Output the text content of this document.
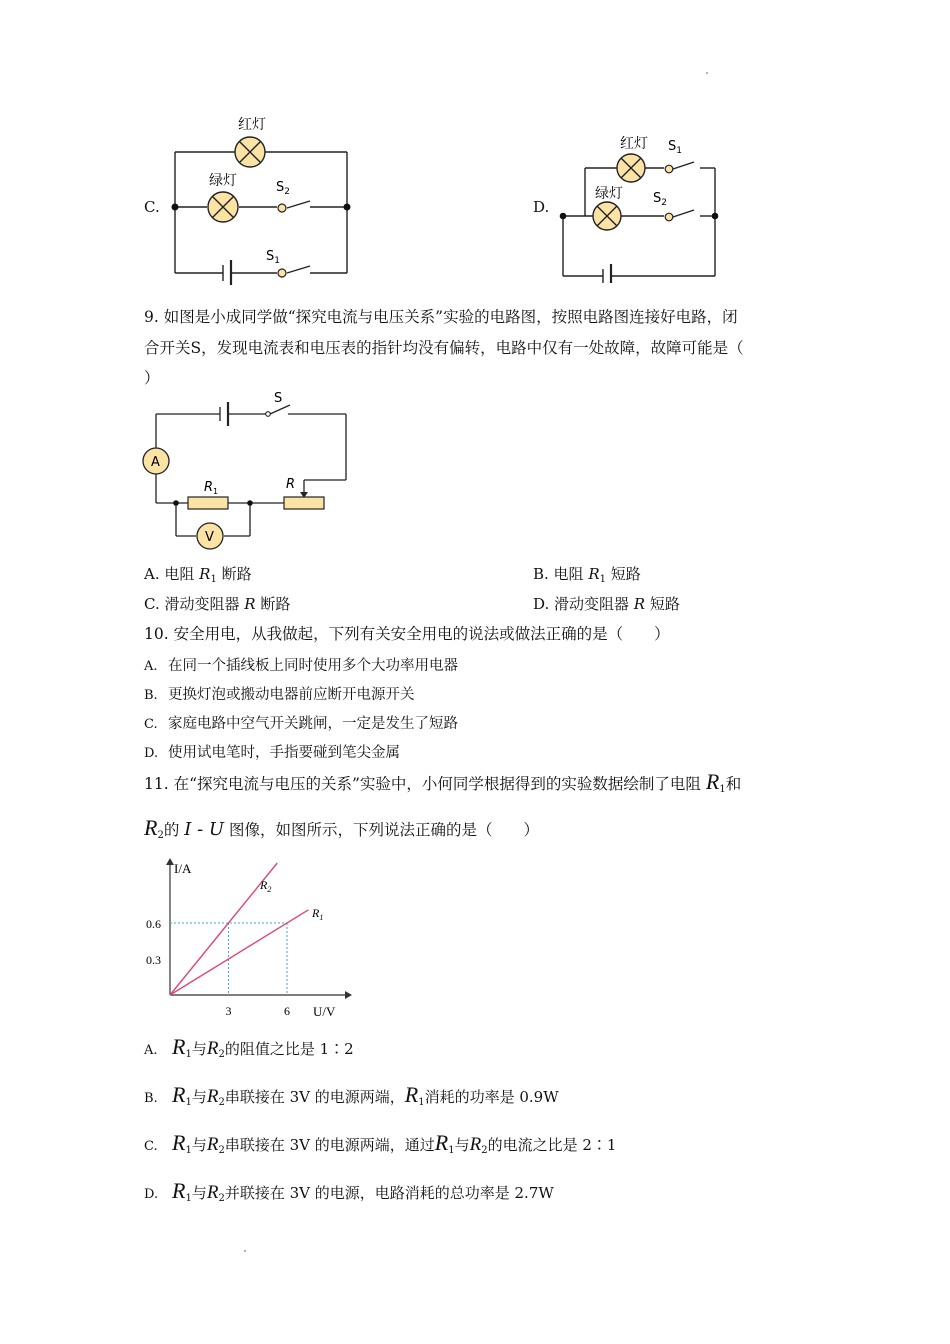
C.
红灯
绿灯	$S_2$
$S_1$
D.
红灯
绿灯
$S_1$
$S_2$
9. 如图是小成同学做“探究电流与电压关系”实验的电路图，按照电路图连接好电路，闭
合开关S，发现电流表和电压表的指针均没有偏转，电路中仅有一处故障，故障可能是（
）
A
V
S
$R_1$	R
A. 电阻 $R_1$ 断路	B. 电阻 $R_1$ 短路
C. 滑动变阻器 R 断路	D. 滑动变阻器 R 短路
10. 安全用电，从我做起，下列有关安全用电的说法或做法正确的是（　　）
A. 在同一个插线板上同时使用多个大功率用电器
B. 更换灯泡或搬动电器前应断开电源开关
C. 家庭电路中空气开关跳闸，一定是发生了短路
D. 使用试电笔时，手指要碰到笔尖金属
11. 在“探究电流与电压的关系”实验中，小何同学根据得到的实验数据绘制了电阻 $R_1$和
$R_2$的 I - U 图像，如图所示，下列说法正确的是（　　）
0.3
0.6
3	6
I/A
U/V
$R_2$
$R_1$
A. $R_1$与$R_2$的阻值之比是 1∶2
B. $R_1$与$R_2$串联接在 3V 的电源两端，$R_1$消耗的功率是 0.9W
C. $R_1$与$R_2$串联接在 3V 的电源两端，通过$R_1$与$R_2$的电流之比是 2∶1
D. $R_1$与$R_2$并联接在 3V 的电源，电路消耗的总功率是 2.7W
